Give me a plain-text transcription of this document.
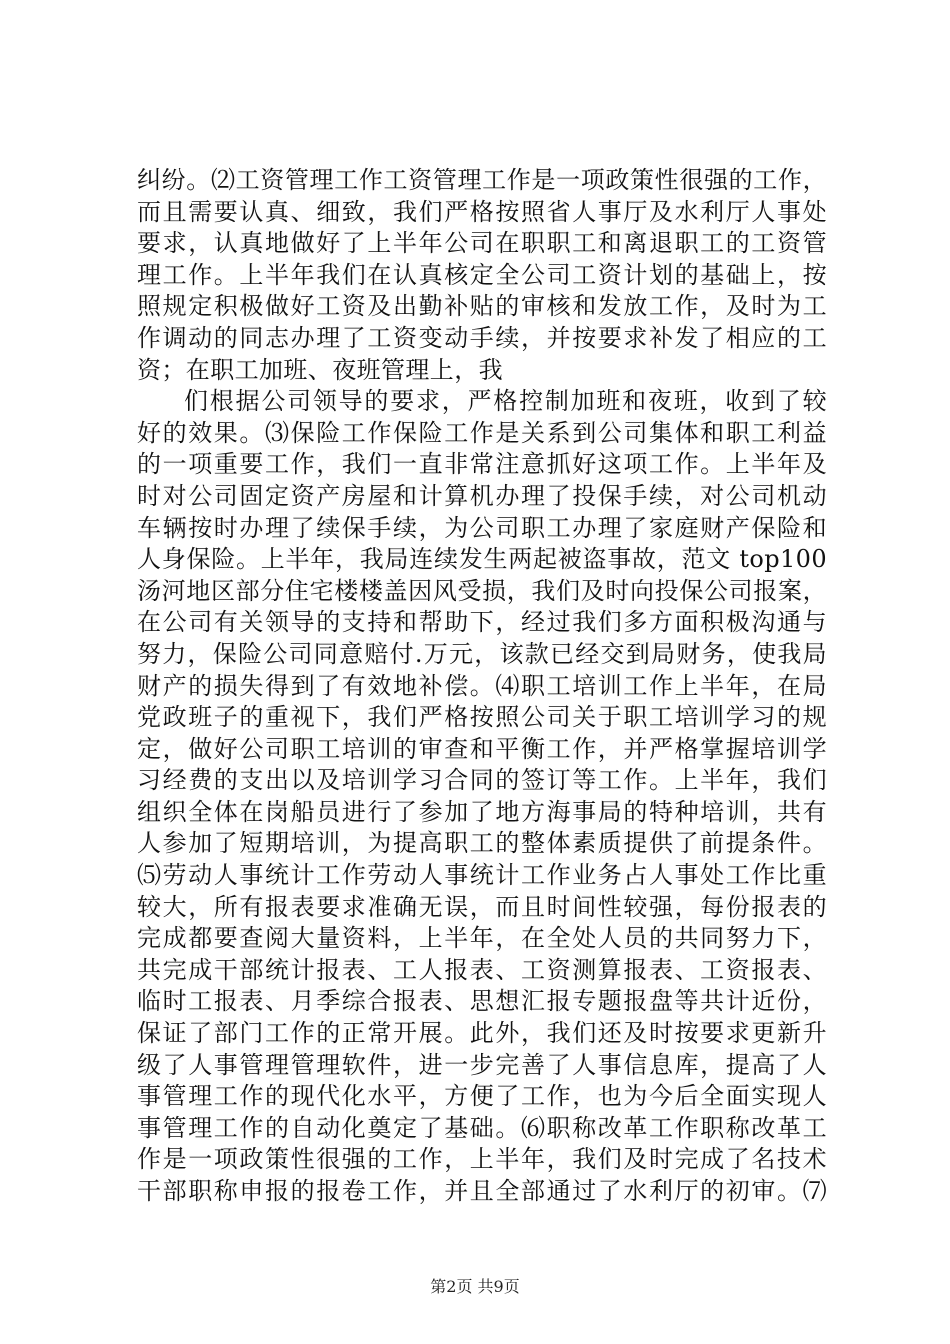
纠纷。⑵工资管理工作工资管理工作是一项政策性很强的工作，
而且需要认真、细致，我们严格按照省人事厅及水利厅人事处
要求，认真地做好了上半年公司在职职工和离退职工的工资管
理工作。上半年我们在认真核定全公司工资计划的基础上，按
照规定积极做好工资及出勤补贴的审核和发放工作，及时为工
作调动的同志办理了工资变动手续，并按要求补发了相应的工
资；在职工加班、夜班管理上，我
们根据公司领导的要求，严格控制加班和夜班，收到了较
好的效果。⑶保险工作保险工作是关系到公司集体和职工利益
的一项重要工作，我们一直非常注意抓好这项工作。上半年及
时对公司固定资产房屋和计算机办理了投保手续，对公司机动
车辆按时办理了续保手续，为公司职工办理了家庭财产保险和
人身保险。上半年，我局连续发生两起被盗事故，范文 top100
汤河地区部分住宅楼楼盖因风受损，我们及时向投保公司报案，
在公司有关领导的支持和帮助下，经过我们多方面积极沟通与
努力，保险公司同意赔付.万元，该款已经交到局财务，使我局
财产的损失得到了有效地补偿。⑷职工培训工作上半年，在局
党政班子的重视下，我们严格按照公司关于职工培训学习的规
定，做好公司职工培训的审查和平衡工作，并严格掌握培训学
习经费的支出以及培训学习合同的签订等工作。上半年，我们
组织全体在岗船员进行了参加了地方海事局的特种培训，共有
人参加了短期培训，为提高职工的整体素质提供了前提条件。
⑸劳动人事统计工作劳动人事统计工作业务占人事处工作比重
较大，所有报表要求准确无误，而且时间性较强，每份报表的
完成都要查阅大量资料，上半年，在全处人员的共同努力下，
共完成干部统计报表、工人报表、工资测算报表、工资报表、
临时工报表、月季综合报表、思想汇报专题报盘等共计近份，
保证了部门工作的正常开展。此外，我们还及时按要求更新升
级了人事管理管理软件，进一步完善了人事信息库，提高了人
事管理工作的现代化水平，方便了工作，也为今后全面实现人
事管理工作的自动化奠定了基础。⑹职称改革工作职称改革工
作是一项政策性很强的工作，上半年，我们及时完成了名技术
干部职称申报的报卷工作，并且全部通过了水利厅的初审。⑺
第2页 共9页
